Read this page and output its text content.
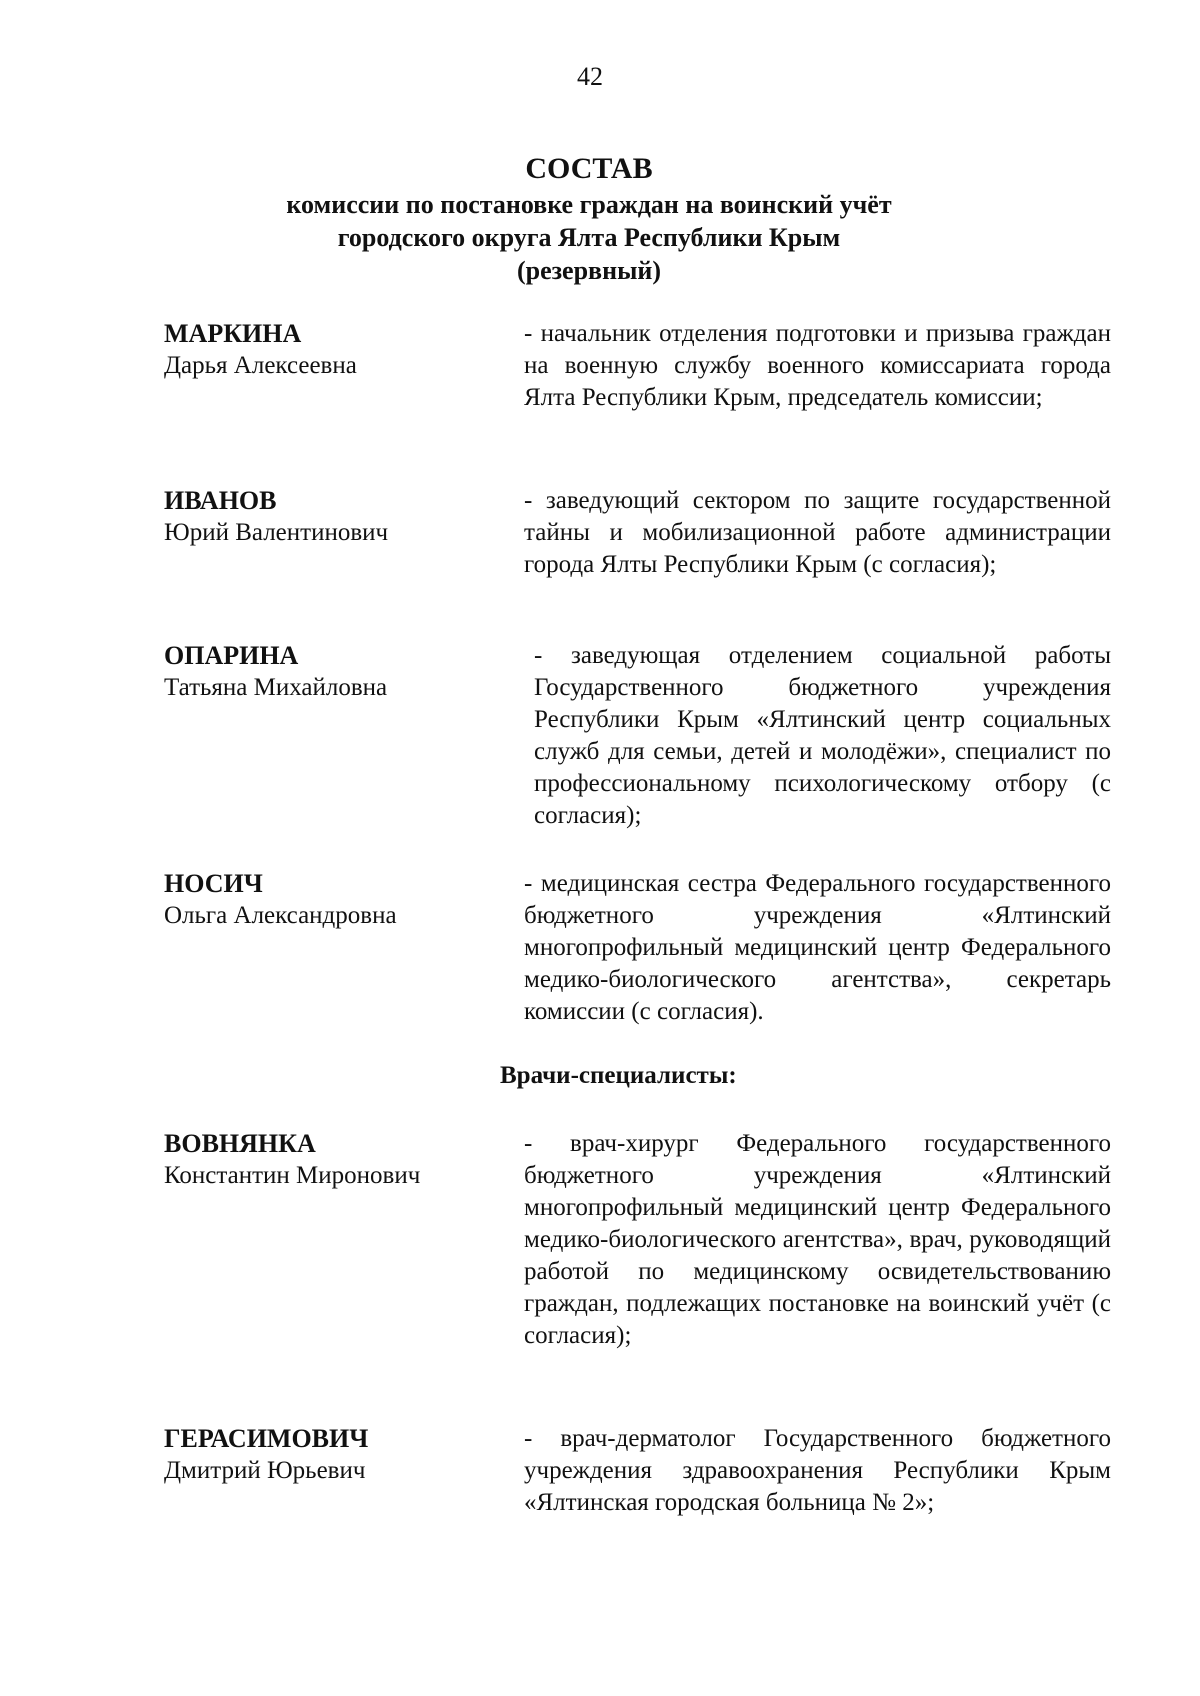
42
СОСТАВ
комиссии по постановке граждан на воинский учёт
городского округа Ялта Республики Крым
(резервный)
МАРКИНА
Дарья Алексеевна
- начальник отделения подготовки и призыва граждан на военную службу военного комиссариата города Ялта Республики Крым, председатель комиссии;
ИВАНОВ
Юрий Валентинович
- заведующий сектором по защите государственной тайны и мобилизационной работе администрации города Ялты Республики Крым (с согласия);
ОПАРИНА
Татьяна Михайловна
- заведующая отделением социальной работы Государственного бюджетного учреждения Республики Крым «Ялтинский центр социальных служб для семьи, детей и молодёжи», специалист по профессиональному психологическому отбору (с согласия);
НОСИЧ
Ольга Александровна
- медицинская сестра Федерального государственного бюджетного учреждения «Ялтинский многопрофильный медицинский центр Федерального медико-биологического агентства», секретарь комиссии (с согласия).
Врачи-специалисты:
ВОВНЯНКА
Константин Миронович
- врач-хирург Федерального государственного бюджетного учреждения «Ялтинский многопрофильный медицинский центр Федерального медико-биологического агентства», врач, руководящий работой по медицинскому освидетельствованию граждан, подлежащих постановке на воинский учёт (с согласия);
ГЕРАСИМОВИЧ
Дмитрий Юрьевич
- врач-дерматолог Государственного бюджетного учреждения здравоохранения Республики Крым «Ялтинская городская больница № 2»;
